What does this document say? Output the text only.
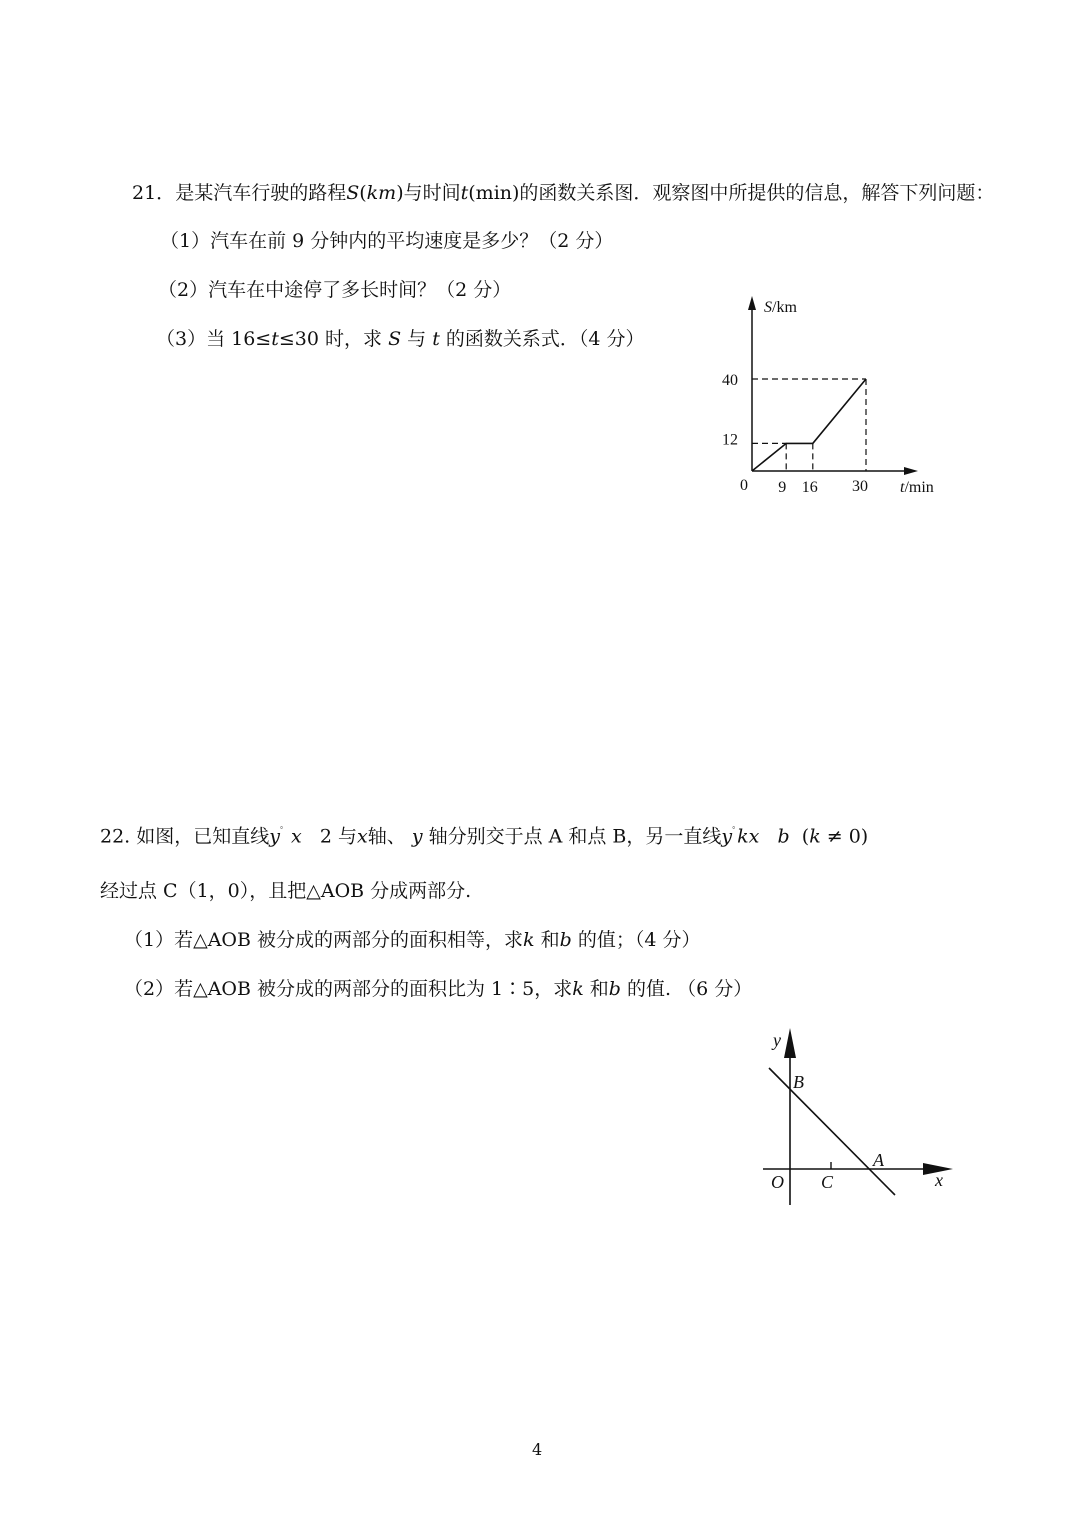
21．是某汽车行驶的路程S(km)与时间t(min)的函数关系图．观察图中所提供的信息，解答下列问题：
（1）汽车在前 9 分钟内的平均速度是多少？（2 分）
（2）汽车在中途停了多长时间？（2 分）
（3）当 16≤t≤30 时，求 S 与 t 的函数关系式．（4 分）
0 9 16 30
40
12
S/km
t/min
22. 如图，已知直线$y^ﾟ$ x 2 与x轴、 y 轴分别交于点 A 和点 B，另一直线$y^ﾟkx$ b (k ≠ 0)
经过点 C（1，0），且把△AOB 分成两部分.
（1）若△AOB 被分成的两部分的面积相等，求k 和b 的值；（4 分）
（2）若△AOB 被分成的两部分的面积比为 1∶5，求k 和b 的值. （6 分）
y
x
O
B
A
C
4
